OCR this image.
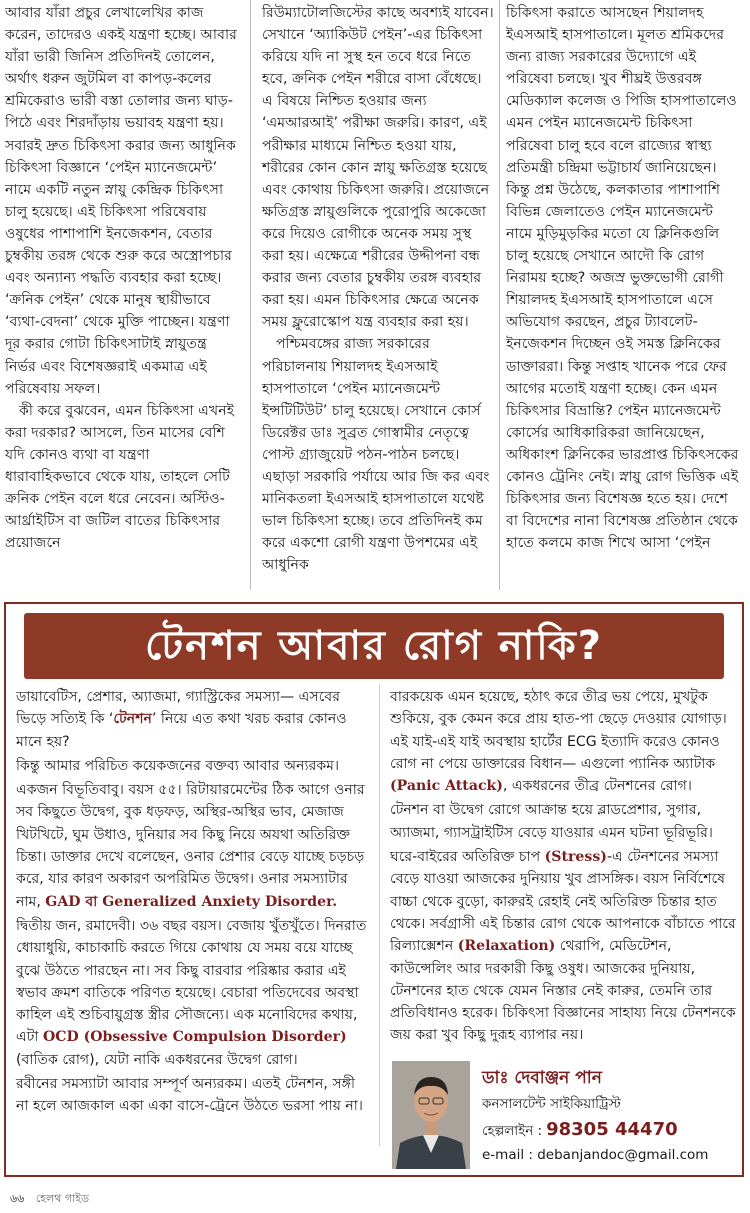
আবার যাঁরা প্রচুর লেখালেখির কাজ করেন, তাদেরও একই যন্ত্রণা হচ্ছে। আবার যাঁরা ভারী জিনিস প্রতিদিনই তোলেন, অর্থাৎ ধরুন জুটমিল বা কাপড়-কলের শ্রমিকেরাও ভারী বস্তা তোলার জন্য ঘাড়-পিঠে এবং শিরদাঁড়ায় ভয়াবহ যন্ত্রণা হয়। সবারই দ্রুত চিকিৎসা করার জন্য আধুনিক চিকিৎসা বিজ্ঞানে ‘পেইন ম্যানেজমেন্ট’ নামে একটি নতুন স্নায়ু কেন্দ্রিক চিকিৎসা চালু হয়েছে। এই চিকিৎসা পরিষেবায় ওষুধের পাশাপাশি ইনজেকশন, বেতার চুম্বকীয় তরঙ্গ থেকে শুরু করে অস্ত্রোপচার এবং অন্যান্য পদ্ধতি ব্যবহার করা হচ্ছে। ‘ক্রনিক পেইন’ থেকে মানুষ স্থায়ীভাবে ‘ব্যথা-বেদনা’ থেকে মুক্তি পাচ্ছেন। যন্ত্রণা দূর করার গোটা চিকিৎসাটাই স্নায়ুতন্ত্র নির্ভর এবং বিশেষজ্ঞরাই একমাত্র এই পরিষেবায় সফল।

কী করে বুঝবেন, এমন চিকিৎসা এখনই করা দরকার? আসলে, তিন মাসের বেশি যদি কোনও ব্যথা বা যন্ত্রণা ধারাবাহিকভাবে থেকে যায়, তাহলে সেটি ক্রনিক পেইন বলে ধরে নেবেন। অস্টিও-আর্থ্রাইটিস বা জটিল বাতের চিকিৎসার প্রয়োজনে

রিউম্যাটোলজিস্টের কাছে অবশ্যই যাবেন। সেখানে ‘অ্যাকিউট পেইন’-এর চিকিৎসা করিয়ে যদি না সুস্থ হন তবে ধরে নিতে হবে, ক্রনিক পেইন শরীরে বাসা বেঁধেছে। এ বিষয়ে নিশ্চিত হওয়ার জন্য ‘এমআরআই’ পরীক্ষা জরুরি। কারণ, এই পরীক্ষার মাধ্যমে নিশ্চিত হওয়া যায়, শরীরের কোন কোন স্নায়ু ক্ষতিগ্রস্ত হয়েছে এবং কোথায় চিকিৎসা জরুরি। প্রয়োজনে ক্ষতিগ্রস্ত স্নায়ুগুলিকে পুরোপুরি অকেজো করে দিয়েও রোগীকে অনেক সময় সুস্থ করা হয়। এক্ষেত্রে শরীরের উদ্দীপনা বন্ধ করার জন্য বেতার চুম্বকীয় তরঙ্গ ব্যবহার করা হয়। এমন চিকিৎসার ক্ষেত্রে অনেক সময় ফ্লুরোস্কোপ যন্ত্র ব্যবহার করা হয়।

পশ্চিমবঙ্গের রাজ্য সরকারের পরিচালনায় শিয়ালদহ ইএসআই হাসপাতালে ‘পেইন ম্যানেজমেন্ট ইন্সটিটিউট’ চালু হয়েছে। সেখানে কোর্স ডিরেক্টর ডাঃ সুব্রত গোস্বামীর নেতৃত্বে পোস্ট গ্র্যাজুয়েট পঠন-পাঠন চলছে। এছাড়া সরকারি পর্যায়ে আর জি কর এবং মানিকতলা ইএসআই হাসপাতালে যথেষ্ট ভাল চিকিৎসা হচ্ছে। তবে প্রতিদিনই কম করে একশো রোগী যন্ত্রণা উপশমের এই আধুনিক

চিকিৎসা করাতে আসছেন শিয়ালদহ ইএসআই হাসপাতালে। মূলত শ্রমিকদের জন্য রাজ্য সরকারের উদ্যোগে এই পরিষেবা চলছে। খুব শীঘ্রই উত্তরবঙ্গ মেডিক্যাল কলেজ ও পিজি হাসপাতালেও এমন পেইন ম্যানেজমেন্ট চিকিৎসা পরিষেবা চালু হবে বলে রাজ্যের স্বাস্থ্য প্রতিমন্ত্রী চন্দ্রিমা ভট্টাচার্য জানিয়েছেন। কিন্তু প্রশ্ন উঠেছে, কলকাতার পাশাপাশি বিভিন্ন জেলাতেও পেইন ম্যানেজমেন্ট নামে মুড়িমুড়কির মতো যে ক্লিনিকগুলি চালু হয়েছে সেখানে আদৌ কি রোগ নিরাময় হচ্ছে? অজস্র ভুক্তভোগী রোগী শিয়ালদহ ইএসআই হাসপাতালে এসে অভিযোগ করছেন, প্রচুর ট্যাবলেট-ইনজেকশন দিচ্ছেন ওই সমস্ত ক্লিনিকের ডাক্তাররা। কিন্তু সপ্তাহ খানেক পরে ফের আগের মতোই যন্ত্রণা হচ্ছে। কেন এমন চিকিৎসার বিভ্রান্তি? পেইন ম্যানেজমেন্ট কোর্সের আধিকারিকরা জানিয়েছেন, অধিকাংশ ক্লিনিকের ভারপ্রাপ্ত চিকিৎসকের কোনও ট্রেনিং নেই। স্নায়ু রোগ ভিত্তিক এই চিকিৎসার জন্য বিশেষজ্ঞ হতে হয়। দেশে বা বিদেশের নানা বিশেষজ্ঞ প্রতিষ্ঠান থেকে হাতে কলমে কাজ শিখে আসা ‘পেইন

টেনশন আবার রোগ নাকি?

ডায়াবেটিস, প্রেশার, অ্যাজমা, গ্যাস্ট্রিকের সমস্যা— এসবের ভিড়ে সত্যিই কি ‘টেনশন’ নিয়ে এত কথা খরচ করার কোনও মানে হয়?

কিন্তু আমার পরিচিত কয়েকজনের বক্তব্য আবার অন্যরকম।

একজন বিভূতিবাবু। বয়স ৫৫। রিটায়ারমেন্টের ঠিক আগে ওনার সব কিছুতে উদ্বেগ, বুক ধড়ফড়, অস্থির-অস্থির ভাব, মেজাজ খিটখিটে, ঘুম উধাও, দুনিয়ার সব কিছু নিয়ে অযথা অতিরিক্ত চিন্তা। ডাক্তার দেখে বলেছেন, ওনার প্রেশার বেড়ে যাচ্ছে চড়চড় করে, যার কারণ অকারণ অপরিমিত উদ্বেগ। ওনার সমস্যাটার নাম, GAD বা Generalized Anxiety Disorder.

দ্বিতীয় জন, রমাদেবী। ৩৬ বছর বয়স। বেজায় খুঁতখুঁতে। দিনরাত ধোয়াধুয়ি, কাচাকাচি করতে গিয়ে কোথায় যে সময় বয়ে যাচ্ছে বুঝে উঠতে পারছেন না। সব কিছু বারবার পরিষ্কার করার এই স্বভাব ক্রমশ বাতিকে পরিণত হয়েছে। বেচারা পতিদেবের অবস্থা কাহিল এই শুচিবায়ুগ্রস্ত স্ত্রীর সৌজন্যে। এক মনোবিদের কথায়, এটা OCD (Obsessive Compulsion Disorder) (বাতিক রোগ), যেটা নাকি একধরনের উদ্বেগ রোগ।

রবীনের সমস্যাটা আবার সম্পূর্ণ অন্যরকম। এতই টেনশন, সঙ্গী না হলে আজকাল একা একা বাসে-ট্রেনে উঠতে ভরসা পায় না।

বারকয়েক এমন হয়েছে, হঠাৎ করে তীব্র ভয় পেয়ে, মুখটুক শুকিয়ে, বুক কেমন করে প্রায় হাত-পা ছেড়ে দেওয়ার যোগাড়। এই যাই-এই যাই অবস্থায় হার্টের ECG ইত্যাদি করেও কোনও রোগ না পেয়ে ডাক্তারের বিধান— এগুলো প্যানিক অ্যাটাক (Panic Attack), একধরনের তীব্র টেনশনের রোগ।

টেনশন বা উদ্বেগ রোগে আক্রান্ত হয়ে ব্লাডপ্রেশার, সুগার, অ্যাজমা, গ্যাসট্রাইটিস বেড়ে যাওয়ার এমন ঘটনা ভূরিভূরি।

ঘরে-বাইরের অতিরিক্ত চাপ (Stress)-এ টেনশনের সমস্যা বেড়ে যাওয়া আজকের দুনিয়ায় খুব প্রাসঙ্গিক। বয়স নির্বিশেষে বাচ্চা থেকে বুড়ো, কারুরই রেহাই নেই অতিরিক্ত চিন্তার হাত থেকে। সর্বগ্রাসী এই চিন্তার রোগ থেকে আপনাকে বাঁচাতে পারে রিল্যাক্সেশন (Relaxation) থেরাপি, মেডিটেশন, কাউন্সেলিং আর দরকারী কিছু ওষুধ। আজকের দুনিয়ায়, টেনশনের হাত থেকে যেমন নিস্তার নেই কারুর, তেমনি তার প্রতিবিধানও হরেক। চিকিৎসা বিজ্ঞানের সাহায্য নিয়ে টেনশনকে জয় করা খুব কিছু দুরূহ ব্যাপার নয়।

ডাঃ দেবাঞ্জন পান
কনসালটেন্ট সাইকিয়াট্রিস্ট
হেল্পলাইন : 98305 44470
e-mail : debanjandoc@gmail.com
৬৬ হেলথ গাইড
